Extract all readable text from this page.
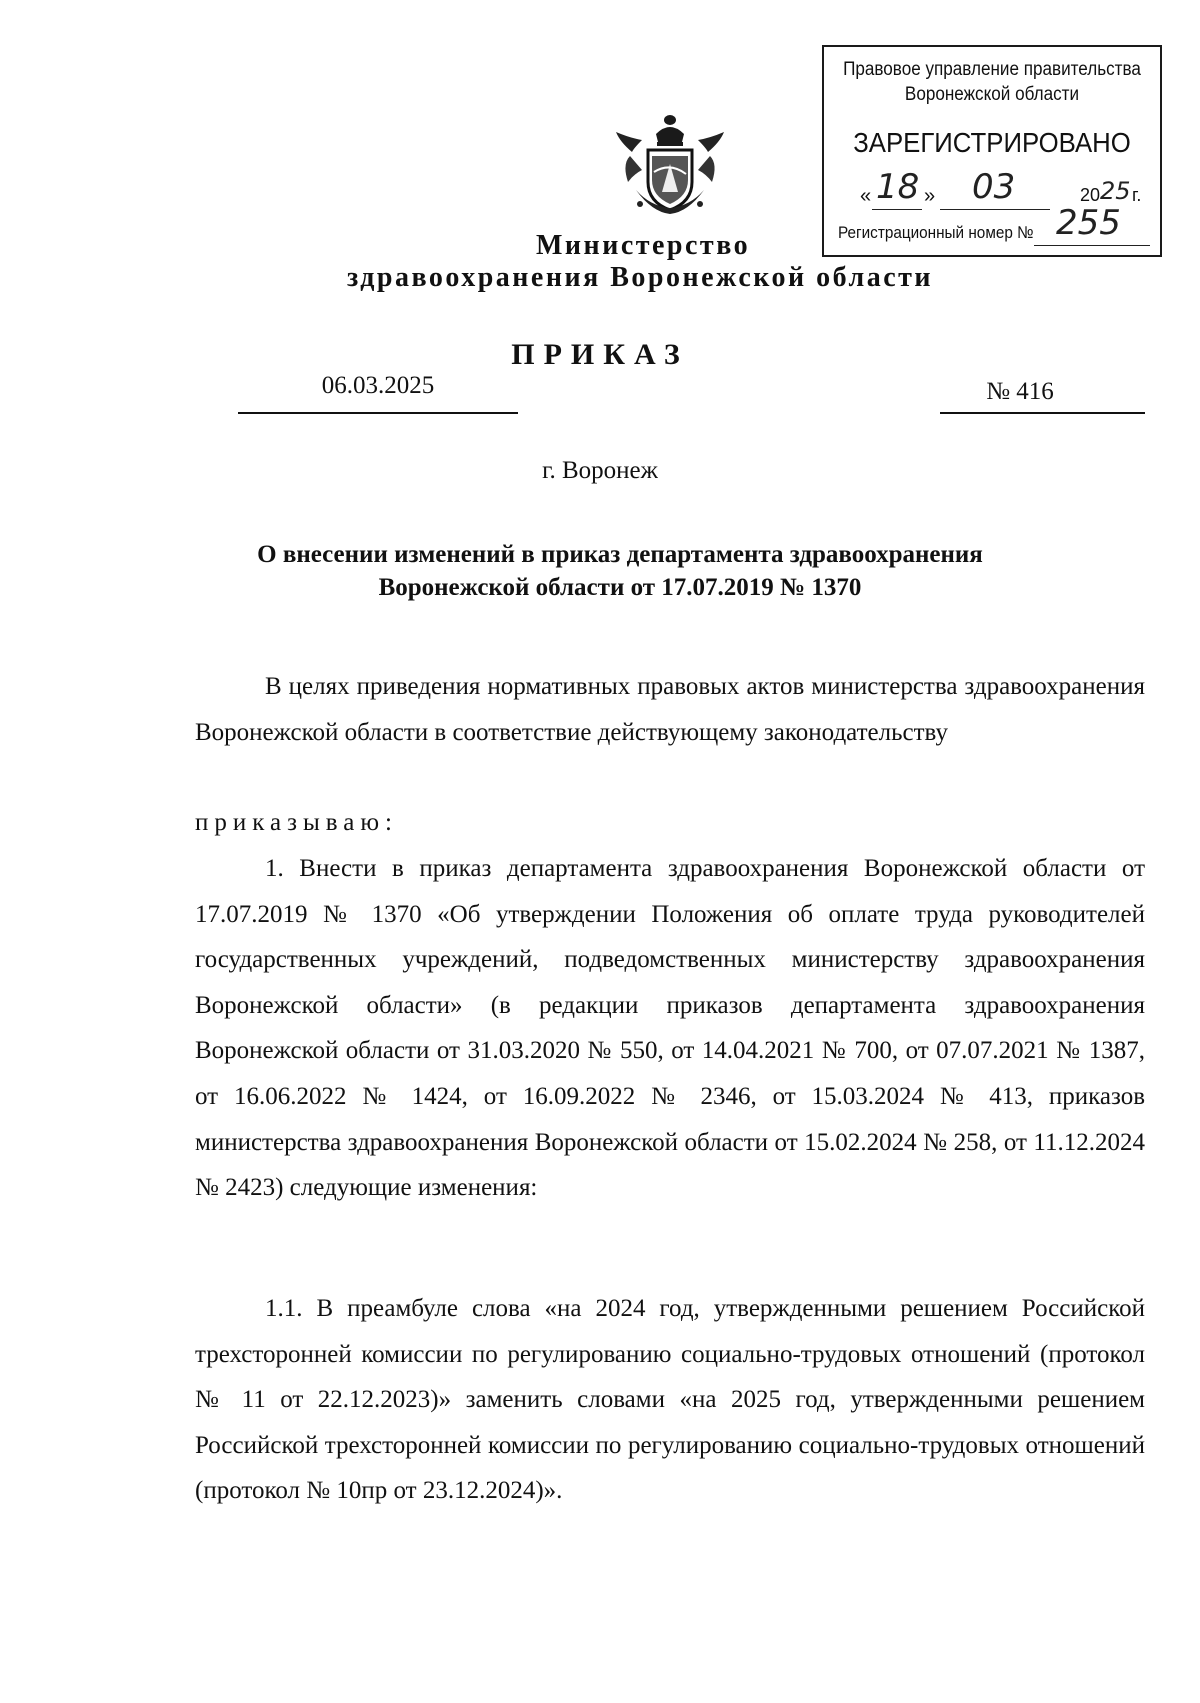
Правовое управление правительства
Воронежской области
ЗАРЕГИСТРИРОВАНО
« 18 » 03	20 25 г.
Регистрационный номер № 255
Министерство
здравоохранения Воронежской области
ПРИКАЗ
06.03.2025	№ 416
г. Воронеж
О внесении изменений в приказ департамента здравоохранения
Воронежской области от 17.07.2019 № 1370

В целях приведения нормативных правовых актов министерства здравоохранения Воронежской области в соответствие действующему законодательству

приказываю:

1. Внести в приказ департамента здравоохранения Воронежской области от 17.07.2019 № 1370 «Об утверждении Положения об оплате труда руководителей государственных учреждений, подведомственных министерству здравоохранения Воронежской области» (в редакции приказов департамента здравоохранения Воронежской области от 31.03.2020 № 550, от 14.04.2021 № 700, от 07.07.2021 № 1387, от 16.06.2022 № 1424, от 16.09.2022 № 2346, от 15.03.2024 № 413, приказов министерства здравоохранения Воронежской области от 15.02.2024 № 258, от 11.12.2024 № 2423) следующие изменения:

1.1. В преамбуле слова «на 2024 год, утвержденными решением Российской трехсторонней комиссии по регулированию социально-трудовых отношений (протокол № 11 от 22.12.2023)» заменить словами «на 2025 год, утвержденными решением Российской трехсторонней комиссии по регулированию социально-трудовых отношений (протокол № 10пр от 23.12.2024)».
